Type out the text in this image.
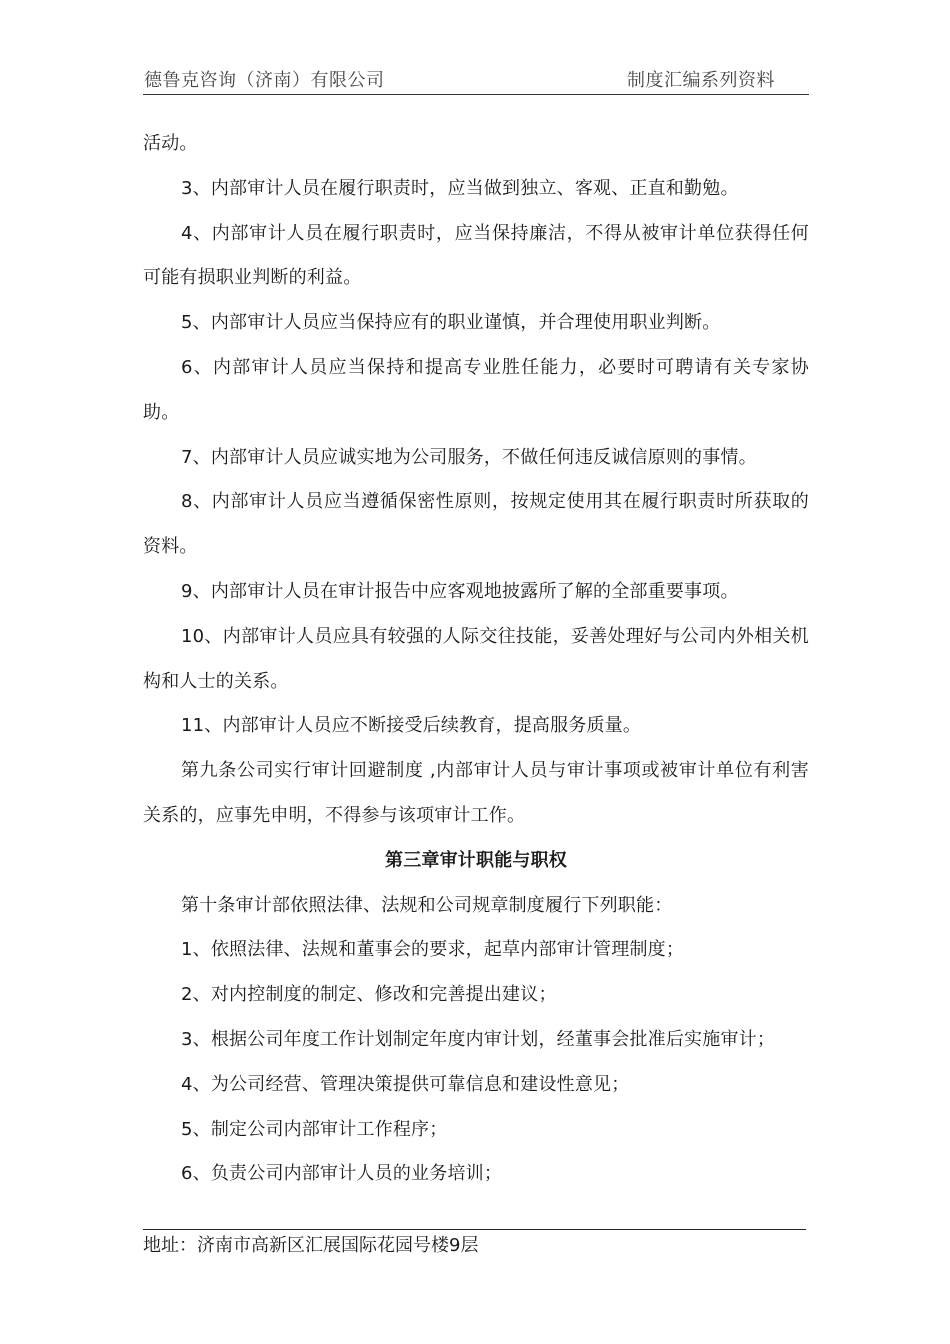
德鲁克咨询（济南）有限公司	制度汇编系列资料

活动。

3、内部审计人员在履行职责时，应当做到独立、客观、正直和勤勉。

4、内部审计人员在履行职责时，应当保持廉洁，不得从被审计单位获得任何可能有损职业判断的利益。

5、内部审计人员应当保持应有的职业谨慎，并合理使用职业判断。

6、内部审计人员应当保持和提高专业胜任能力，必要时可聘请有关专家协助。

7、内部审计人员应诚实地为公司服务，不做任何违反诚信原则的事情。

8、内部审计人员应当遵循保密性原则，按规定使用其在履行职责时所获取的资料。

9、内部审计人员在审计报告中应客观地披露所了解的全部重要事项。

10、内部审计人员应具有较强的人际交往技能，妥善处理好与公司内外相关机构和人士的关系。

11、内部审计人员应不断接受后续教育，提高服务质量。

第九条公司实行审计回避制度 ,内部审计人员与审计事项或被审计单位有利害关系的，应事先申明，不得参与该项审计工作。

第三章审计职能与职权

第十条审计部依照法律、法规和公司规章制度履行下列职能：

1、依照法律、法规和董事会的要求，起草内部审计管理制度；

2、对内控制度的制定、修改和完善提出建议；

3、根据公司年度工作计划制定年度内审计划，经董事会批准后实施审计；

4、为公司经营、管理决策提供可靠信息和建设性意见；

5、制定公司内部审计工作程序；

6、负责公司内部审计人员的业务培训；

地址：济南市高新区汇展国际花园号楼9层
